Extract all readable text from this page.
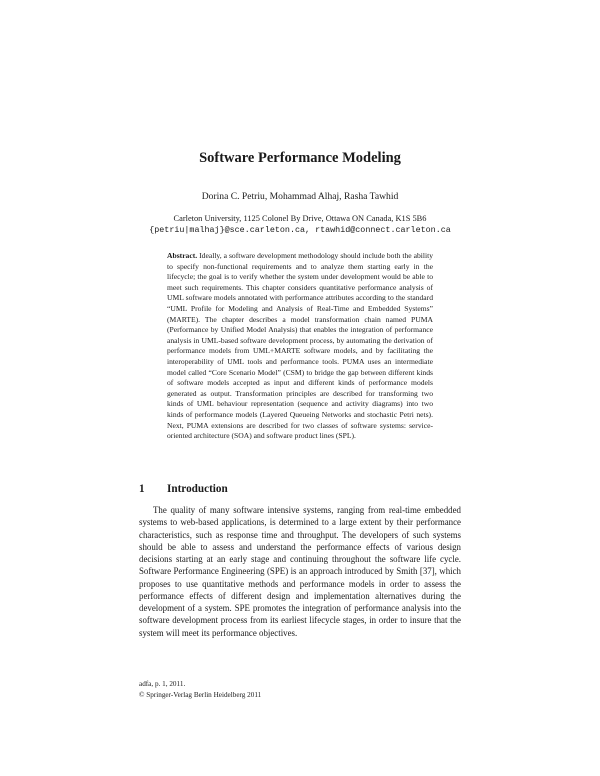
Software Performance Modeling
Dorina C. Petriu, Mohammad Alhaj, Rasha Tawhid
Carleton University, 1125 Colonel By Drive, Ottawa ON Canada, K1S 5B6
{petriu|malhaj}@sce.carleton.ca, rtawhid@connect.carleton.ca

Abstract. Ideally, a software development methodology should include both the ability to specify non-functional requirements and to analyze them starting early in the lifecycle; the goal is to verify whether the system under development would be able to meet such requirements. This chapter considers quantitative performance analysis of UML software models annotated with performance attributes according to the standard “UML Profile for Modeling and Analysis of Real-Time and Embedded Systems” (MARTE). The chapter describes a model transformation chain named PUMA (Performance by Unified Model Analysis) that enables the integration of performance analysis in UML-based software development process, by automating the derivation of performance models from UML+MARTE software models, and by facilitating the interoperability of UML tools and performance tools. PUMA uses an intermediate model called “Core Scenario Model” (CSM) to bridge the gap between different kinds of software models accepted as input and different kinds of performance models generated as output. Transformation principles are described for transforming two kinds of UML behaviour representation (sequence and activity diagrams) into two kinds of performance models (Layered Queueing Networks and stochastic Petri nets). Next, PUMA extensions are described for two classes of software systems: service-oriented architecture (SOA) and software product lines (SPL).

1 Introduction

The quality of many software intensive systems, ranging from real-time embedded systems to web-based applications, is determined to a large extent by their performance characteristics, such as response time and throughput. The developers of such systems should be able to assess and understand the performance effects of various design decisions starting at an early stage and continuing throughout the software life cycle. Software Performance Engineering (SPE) is an approach introduced by Smith [37], which proposes to use quantitative methods and performance models in order to assess the performance effects of different design and implementation alternatives during the development of a system. SPE promotes the integration of performance analysis into the software development process from its earliest lifecycle stages, in order to insure that the system will meet its performance objectives.

adfa, p. 1, 2011.
© Springer-Verlag Berlin Heidelberg 2011
